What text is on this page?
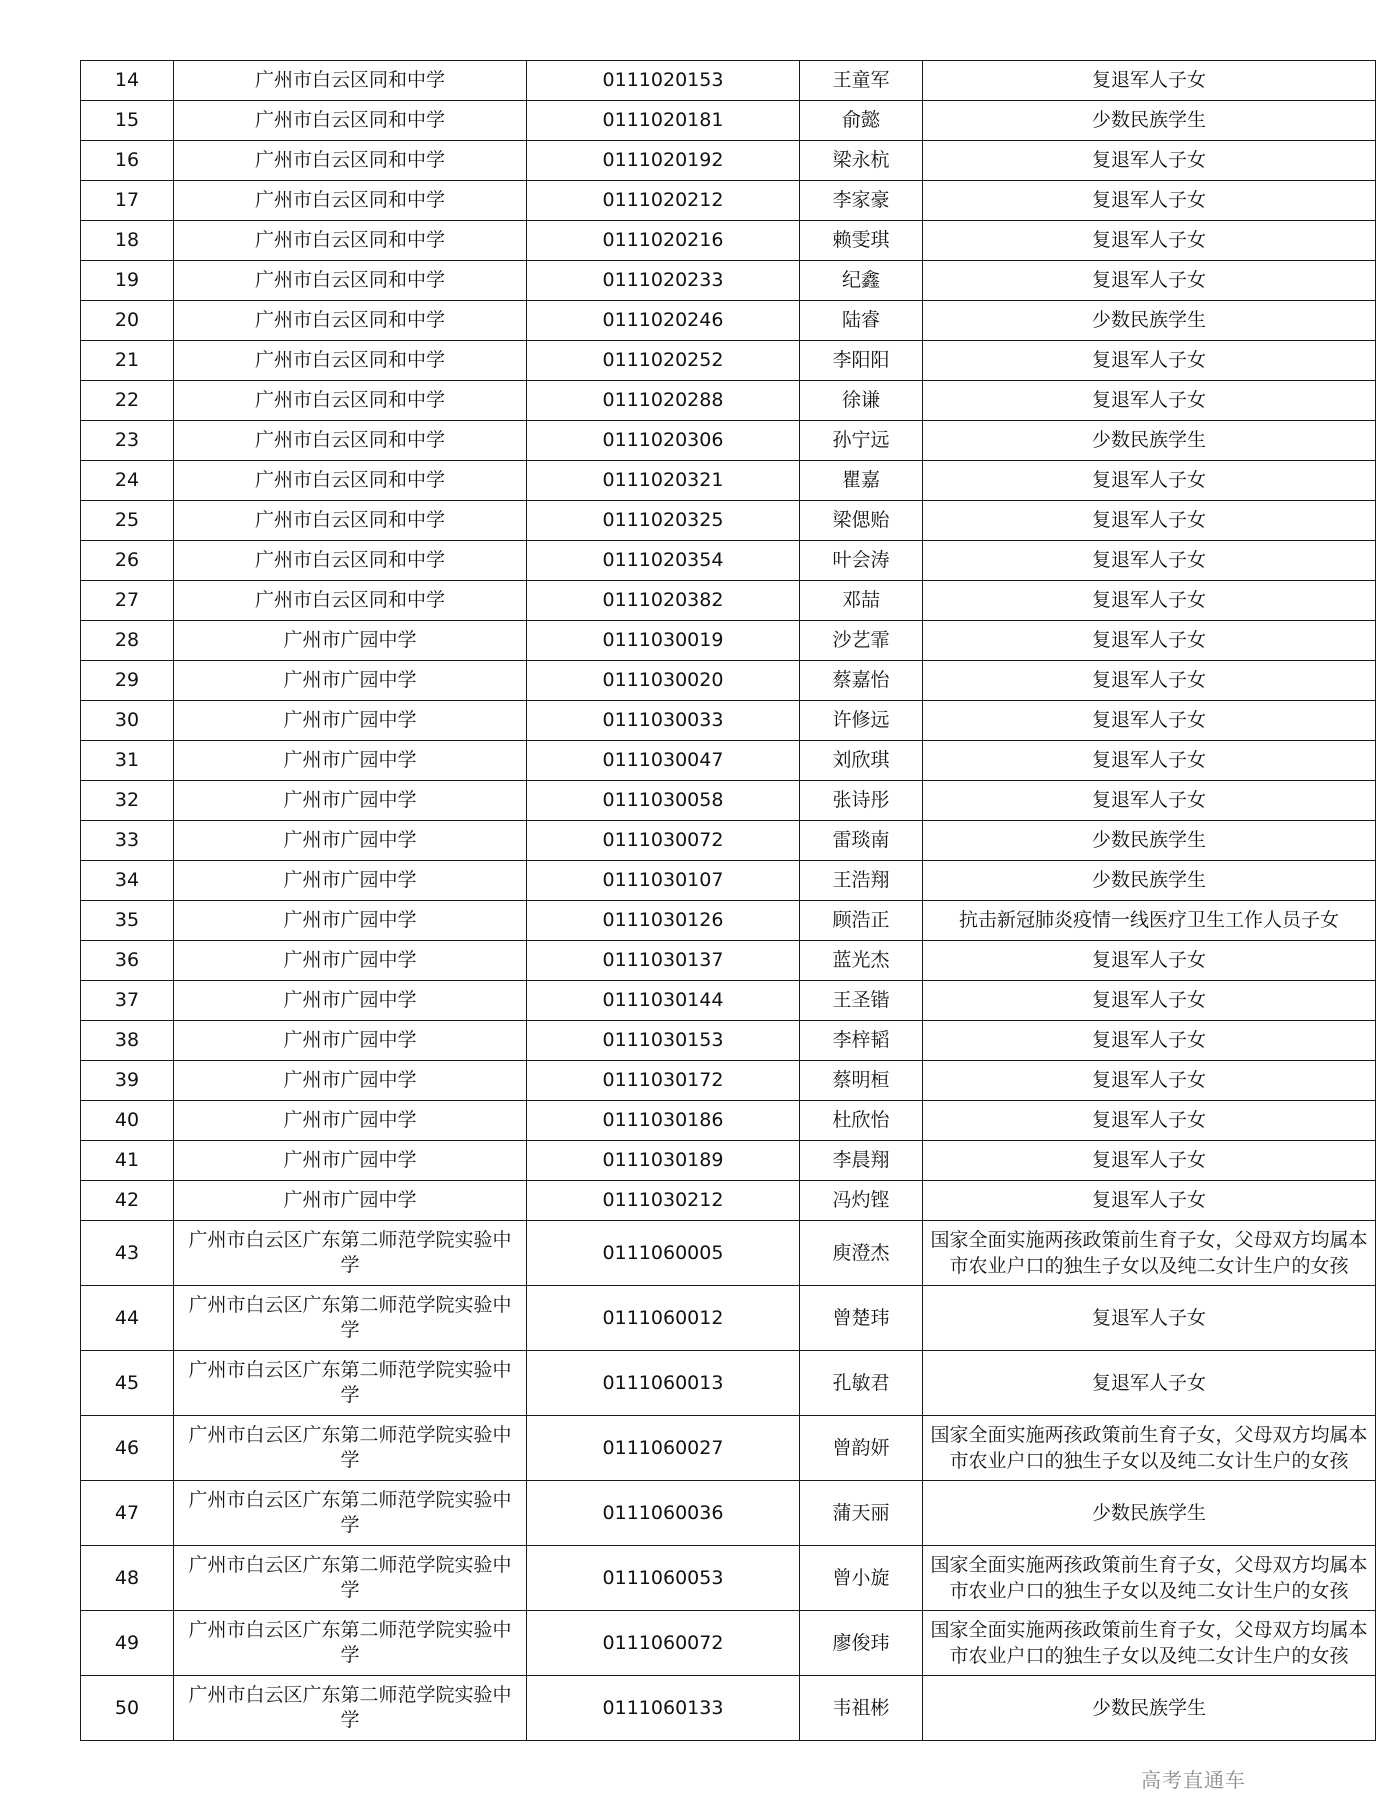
14	广州市白云区同和中学	0111020153	王童军	复退军人子女
15	广州市白云区同和中学	0111020181	俞懿	少数民族学生
16	广州市白云区同和中学	0111020192	梁永杭	复退军人子女
17	广州市白云区同和中学	0111020212	李家豪	复退军人子女
18	广州市白云区同和中学	0111020216	赖雯琪	复退军人子女
19	广州市白云区同和中学	0111020233	纪鑫	复退军人子女
20	广州市白云区同和中学	0111020246	陆睿	少数民族学生
21	广州市白云区同和中学	0111020252	李阳阳	复退军人子女
22	广州市白云区同和中学	0111020288	徐谦	复退军人子女
23	广州市白云区同和中学	0111020306	孙宁远	少数民族学生
24	广州市白云区同和中学	0111020321	瞿嘉	复退军人子女
25	广州市白云区同和中学	0111020325	梁偲贻	复退军人子女
26	广州市白云区同和中学	0111020354	叶会涛	复退军人子女
27	广州市白云区同和中学	0111020382	邓喆	复退军人子女
28	广州市广园中学	0111030019	沙艺霏	复退军人子女
29	广州市广园中学	0111030020	蔡嘉怡	复退军人子女
30	广州市广园中学	0111030033	许修远	复退军人子女
31	广州市广园中学	0111030047	刘欣琪	复退军人子女
32	广州市广园中学	0111030058	张诗彤	复退军人子女
33	广州市广园中学	0111030072	雷琰南	少数民族学生
34	广州市广园中学	0111030107	王浩翔	少数民族学生
35	广州市广园中学	0111030126	顾浩正	抗击新冠肺炎疫情一线医疗卫生工作人员子女
36	广州市广园中学	0111030137	蓝光杰	复退军人子女
37	广州市广园中学	0111030144	王圣锴	复退军人子女
38	广州市广园中学	0111030153	李梓韬	复退军人子女
39	广州市广园中学	0111030172	蔡明桓	复退军人子女
40	广州市广园中学	0111030186	杜欣怡	复退军人子女
41	广州市广园中学	0111030189	李晨翔	复退军人子女
42	广州市广园中学	0111030212	冯灼铿	复退军人子女
43	广州市白云区广东第二师范学院实验中学	0111060005	庾澄杰	国家全面实施两孩政策前生育子女，父母双方均属本市农业户口的独生子女以及纯二女计生户的女孩
44	广州市白云区广东第二师范学院实验中学	0111060012	曾楚玮	复退军人子女
45	广州市白云区广东第二师范学院实验中学	0111060013	孔敏君	复退军人子女
46	广州市白云区广东第二师范学院实验中学	0111060027	曾韵妍	国家全面实施两孩政策前生育子女，父母双方均属本市农业户口的独生子女以及纯二女计生户的女孩
47	广州市白云区广东第二师范学院实验中学	0111060036	蒲天丽	少数民族学生
48	广州市白云区广东第二师范学院实验中学	0111060053	曾小旋	国家全面实施两孩政策前生育子女，父母双方均属本市农业户口的独生子女以及纯二女计生户的女孩
49	广州市白云区广东第二师范学院实验中学	0111060072	廖俊玮	国家全面实施两孩政策前生育子女，父母双方均属本市农业户口的独生子女以及纯二女计生户的女孩
50	广州市白云区广东第二师范学院实验中学	0111060133	韦祖彬	少数民族学生
高考直通车
